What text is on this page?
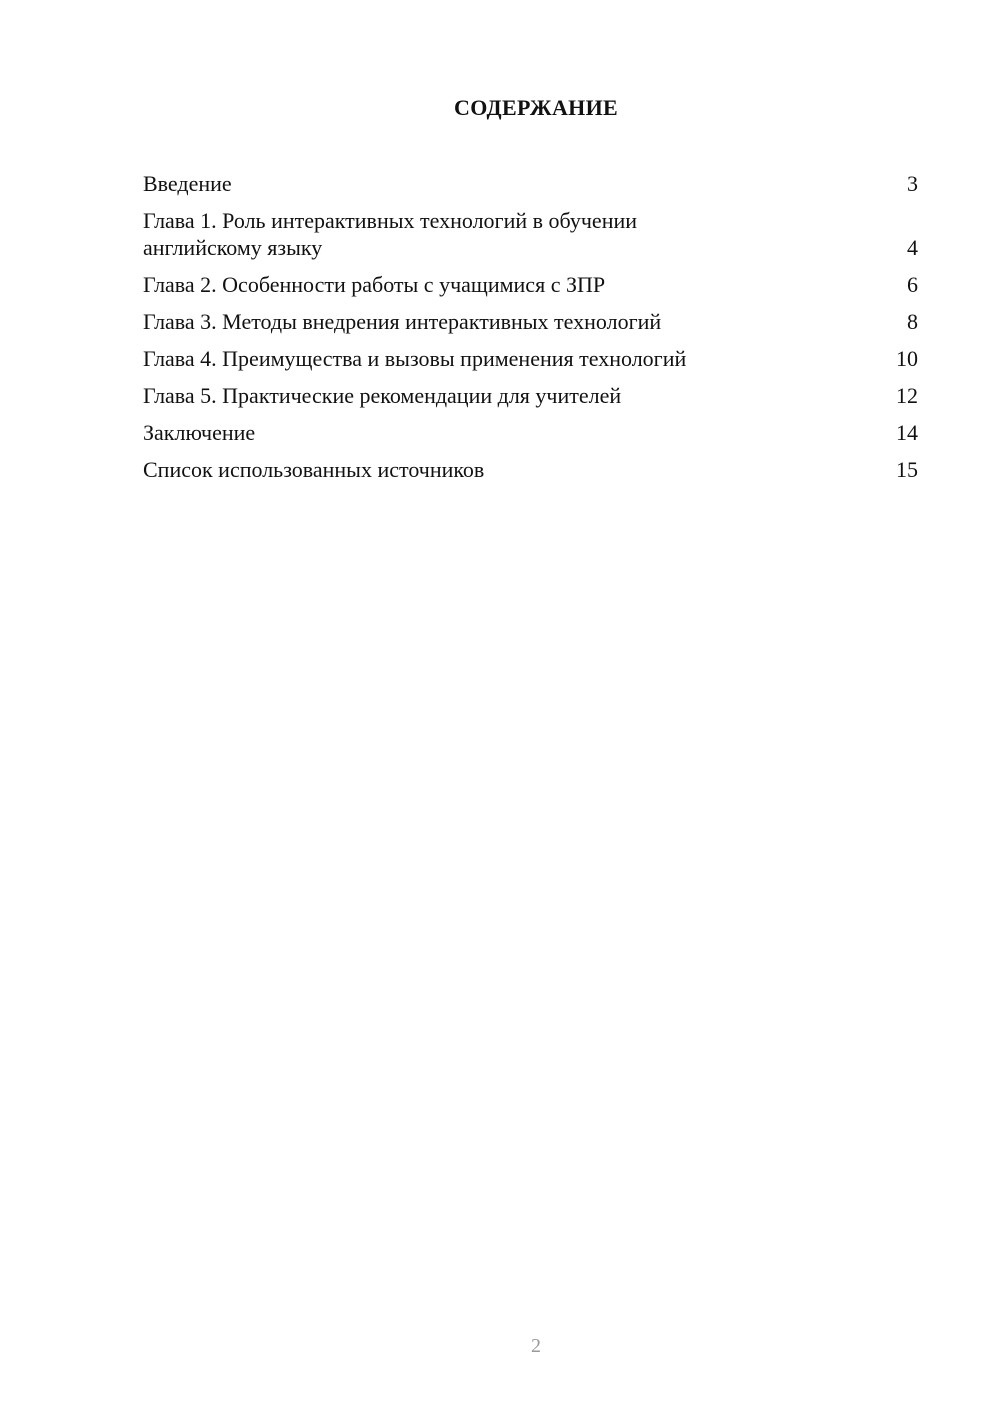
СОДЕРЖАНИЕ
Введение	3
Глава 1. Роль интерактивных технологий в обучении английскому языку	4
Глава 2. Особенности работы с учащимися с ЗПР	6
Глава 3. Методы внедрения интерактивных технологий	8
Глава 4. Преимущества и вызовы применения технологий	10
Глава 5. Практические рекомендации для учителей	12
Заключение	14
Список использованных источников	15
2
